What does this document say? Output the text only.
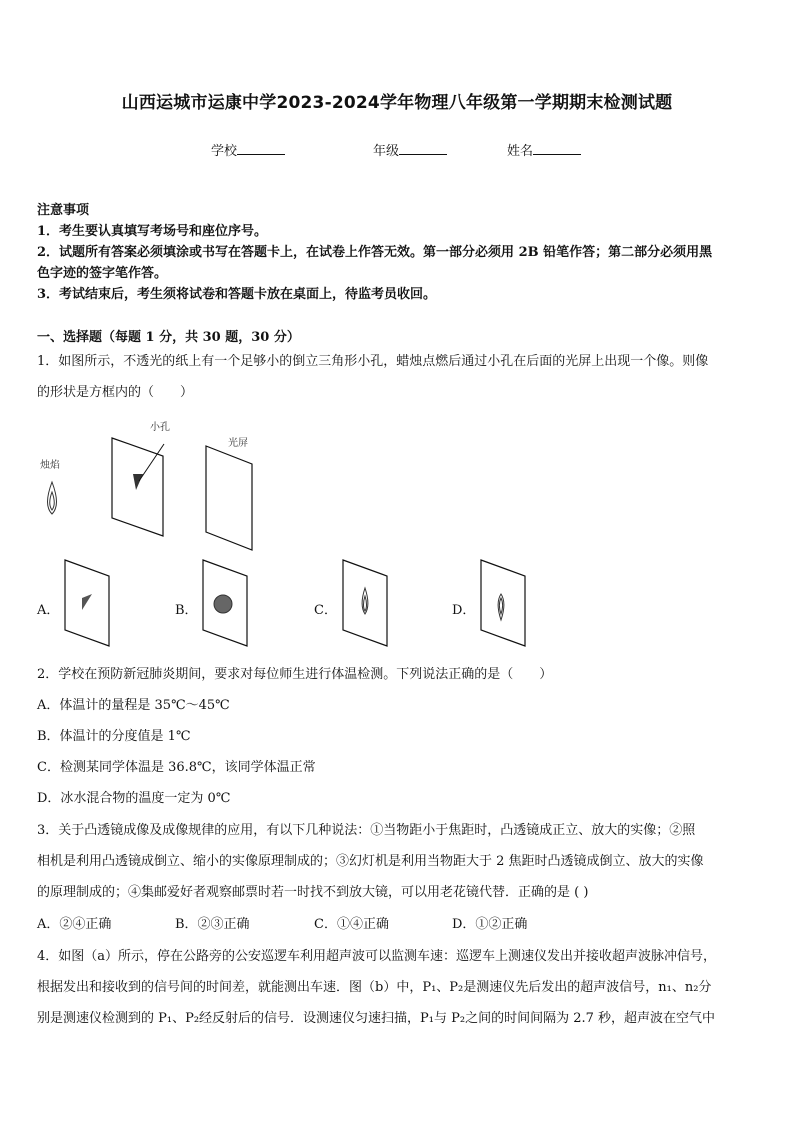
山西运城市运康中学2023-2024学年物理八年级第一学期期末检测试题
学校	年级	姓名
注意事项
1．考生要认真填写考场号和座位序号。
2．试题所有答案必须填涂或书写在答题卡上，在试卷上作答无效。第一部分必须用 2B 铅笔作答；第二部分必须用黑
色字迹的签字笔作答。
3．考试结束后，考生须将试卷和答题卡放在桌面上，待监考员收回。
一、选择题（每题 1 分，共 30 题，30 分）
1．如图所示，不透光的纸上有一个足够小的倒立三角形小孔，蜡烛点燃后通过小孔在后面的光屏上出现一个像。则像
的形状是方框内的（　　）
烛焰
小孔
光屏
A．	B．	C．	D．
2．学校在预防新冠肺炎期间，要求对每位师生进行体温检测。下列说法正确的是（　　）
A．体温计的量程是 35℃～45℃
B．体温计的分度值是 1℃
C．检测某同学体温是 36.8℃，该同学体温正常
D．冰水混合物的温度一定为 0℃
3．关于凸透镜成像及成像规律的应用，有以下几种说法：①当物距小于焦距时，凸透镜成正立、放大的实像；②照
相机是利用凸透镜成倒立、缩小的实像原理制成的；③幻灯机是利用当物距大于 2 焦距时凸透镜成倒立、放大的实像
的原理制成的；④集邮爱好者观察邮票时若一时找不到放大镜，可以用老花镜代替．正确的是 ( )
A．②④正确	B．②③正确	C．①④正确	D．①②正确
4．如图（a）所示，停在公路旁的公安巡逻车利用超声波可以监测车速：巡逻车上测速仪发出并接收超声波脉冲信号，
根据发出和接收到的信号间的时间差，就能测出车速．图（b）中，P₁、P₂是测速仪先后发出的超声波信号，n₁、n₂分
别是测速仪检测到的 P₁、P₂经反射后的信号．设测速仪匀速扫描，P₁与 P₂之间的时间间隔为 2.7 秒，超声波在空气中
